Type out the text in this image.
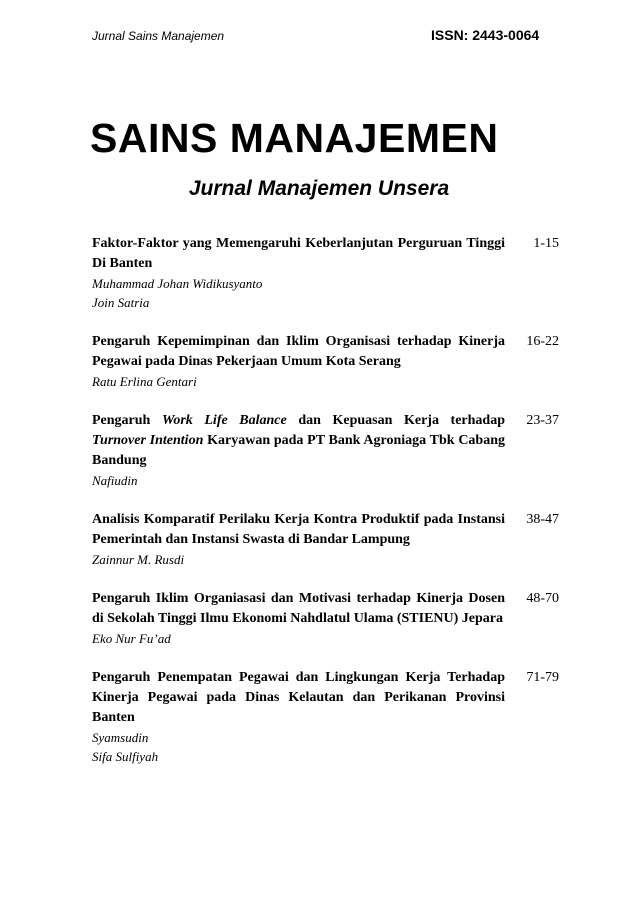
Jurnal Sains Manajemen	ISSN: 2443-0064
SAINS MANAJEMEN
Jurnal Manajemen Unsera
Faktor-Faktor yang Memengaruhi Keberlanjutan Perguruan Tinggi Di Banten
Muhammad Johan Widikusyanto
Join Satria
1-15
Pengaruh Kepemimpinan dan Iklim Organisasi terhadap Kinerja Pegawai pada Dinas Pekerjaan Umum Kota Serang
Ratu Erlina Gentari
16-22
Pengaruh Work Life Balance dan Kepuasan Kerja terhadap Turnover Intention Karyawan pada PT Bank Agroniaga Tbk Cabang Bandung
Nafiudin
23-37
Analisis Komparatif Perilaku Kerja Kontra Produktif pada Instansi Pemerintah dan Instansi Swasta di Bandar Lampung
Zainnur M. Rusdi
38-47
Pengaruh Iklim Organiasasi dan Motivasi terhadap Kinerja Dosen di Sekolah Tinggi Ilmu Ekonomi Nahdlatul Ulama (STIENU) Jepara
Eko Nur Fu’ad
48-70
Pengaruh Penempatan Pegawai dan Lingkungan Kerja Terhadap Kinerja Pegawai pada Dinas Kelautan dan Perikanan Provinsi Banten
Syamsudin
Sifa Sulfiyah
71-79
